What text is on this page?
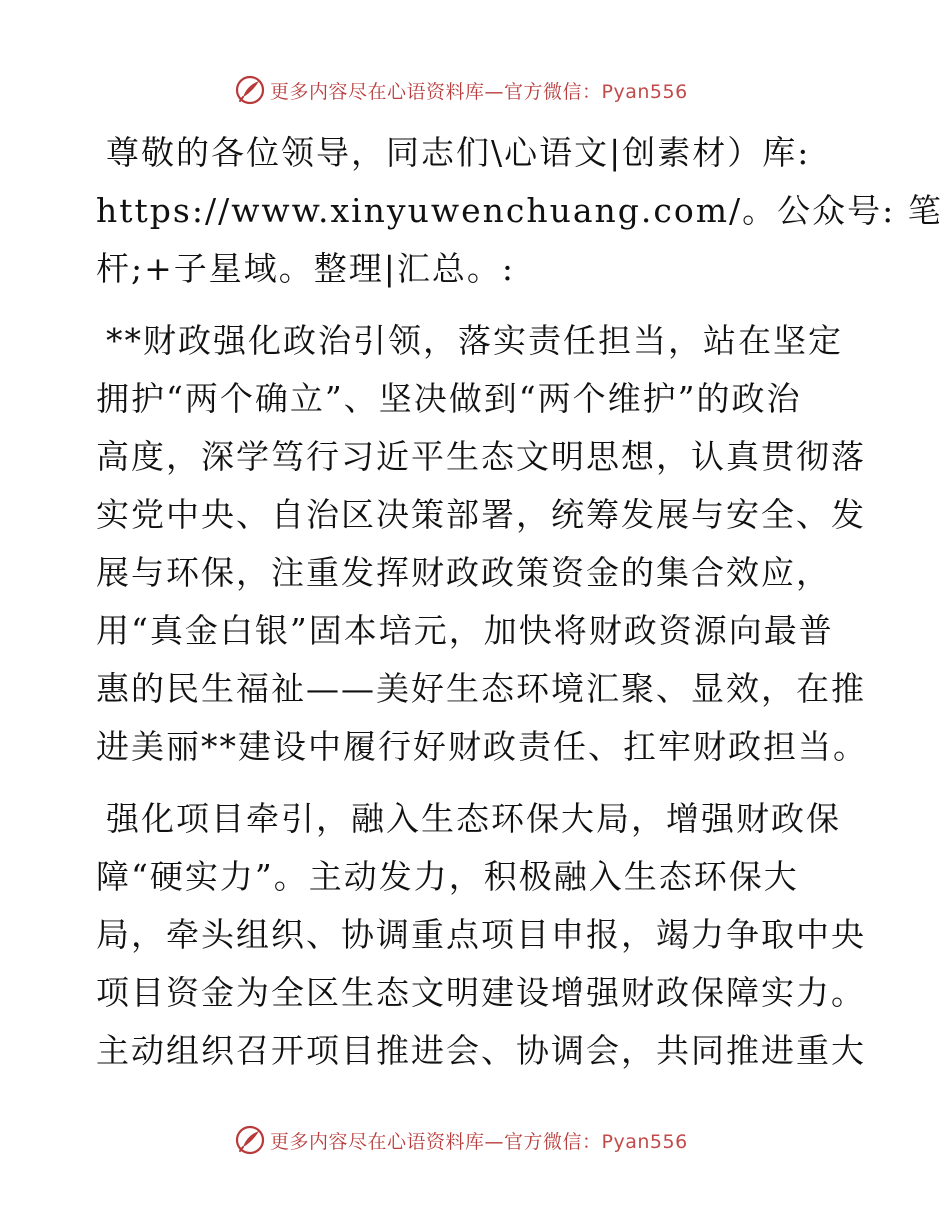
更多内容尽在心语资料库—官方微信：Pyan556
尊敬的各位领导，同志们\心语文|创素材）库:
https://www.xinyuwenchuang.com/。公众号: 笔
杆;+子星域。整理|汇总。:
**财政强化政治引领，落实责任担当，站在坚定
拥护“两个确立”、坚决做到“两个维护”的政治
高度，深学笃行习近平生态文明思想，认真贯彻落
实党中央、自治区决策部署，统筹发展与安全、发
展与环保，注重发挥财政政策资金的集合效应，
用“真金白银”固本培元，加快将财政资源向最普
惠的民生福祉——美好生态环境汇聚、显效，在推
进美丽**建设中履行好财政责任、扛牢财政担当。
强化项目牵引，融入生态环保大局，增强财政保
障“硬实力”。主动发力，积极融入生态环保大
局，牵头组织、协调重点项目申报，竭力争取中央
项目资金为全区生态文明建设增强财政保障实力。
主动组织召开项目推进会、协调会，共同推进重大
更多内容尽在心语资料库—官方微信：Pyan556
